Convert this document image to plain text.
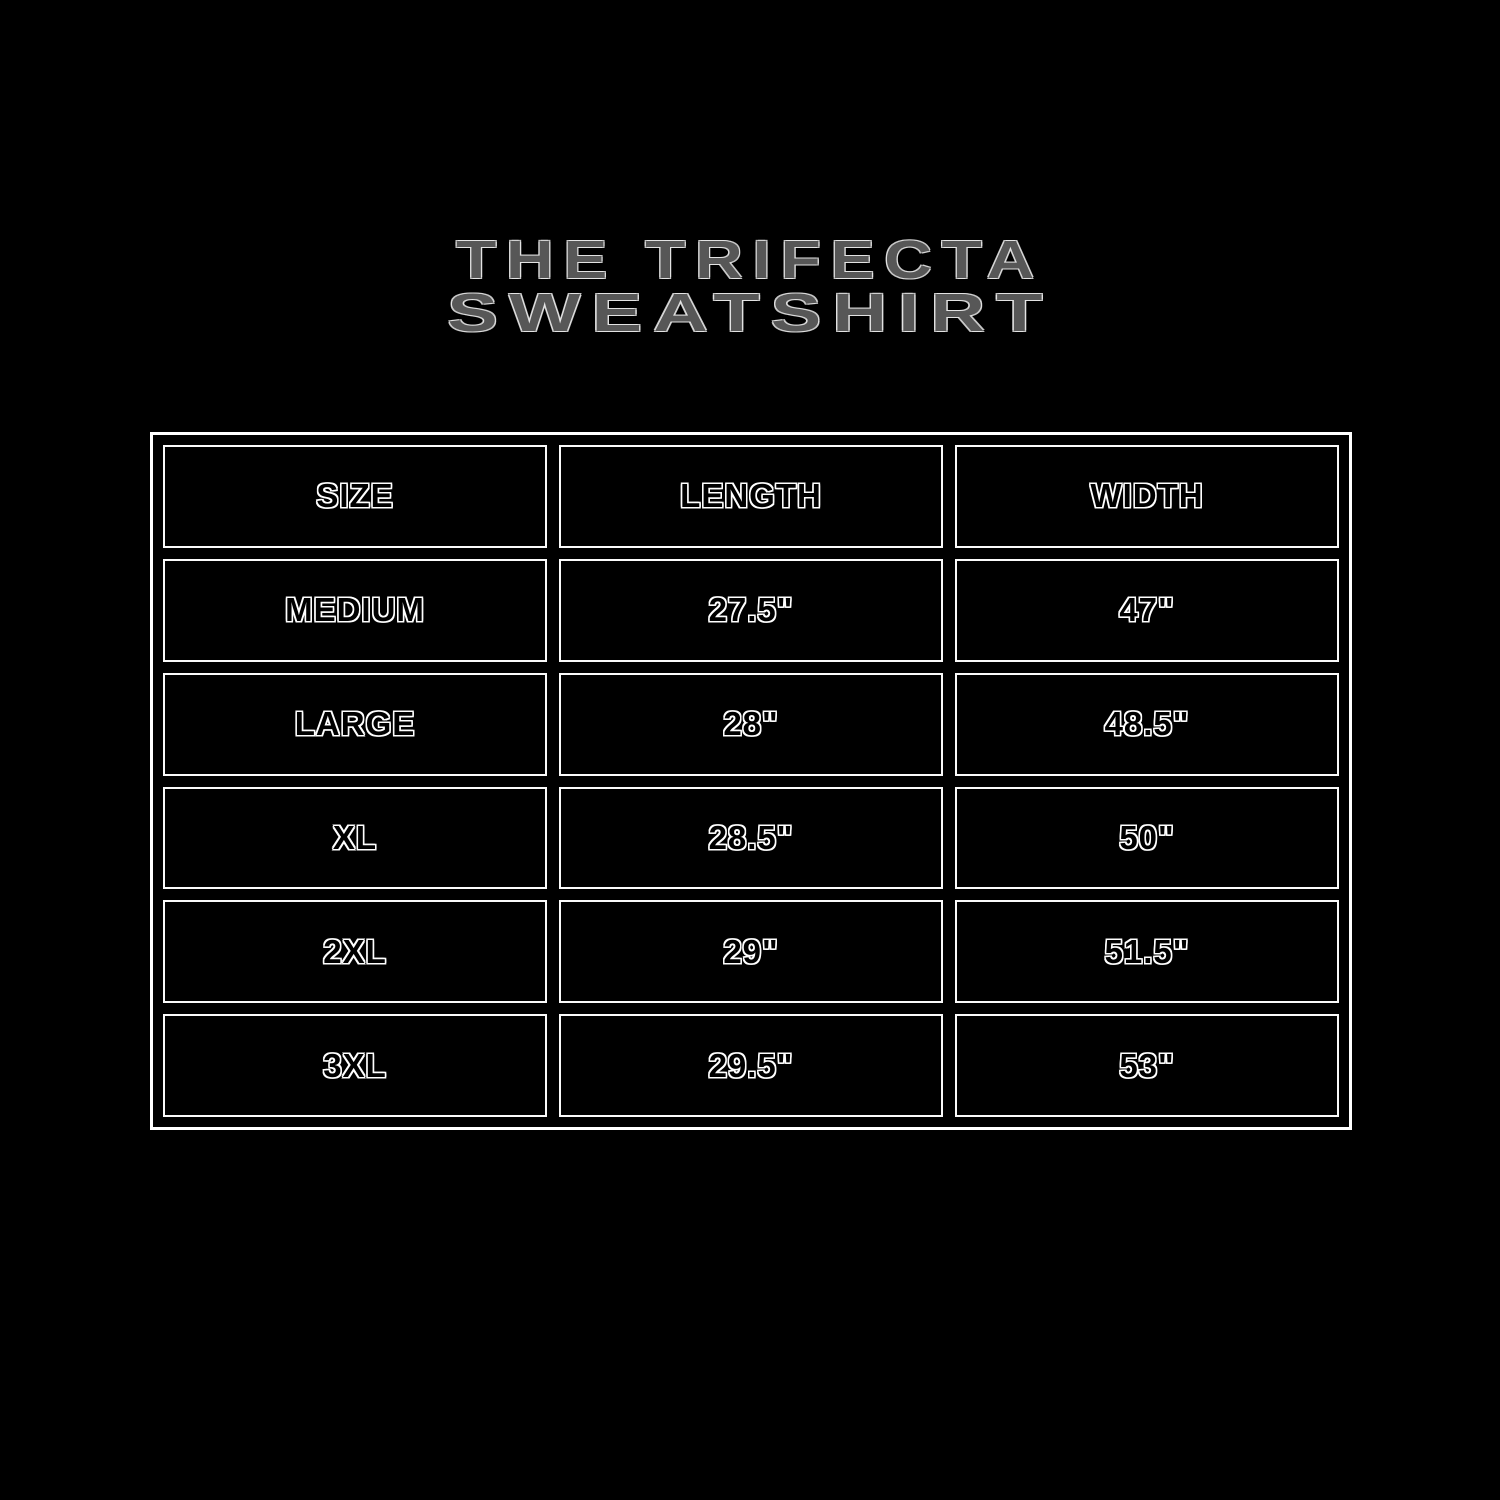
THE TRIFECTA
SWEATSHIRT
SIZE	LENGTH	WIDTH
MEDIUM	27.5"	47"
LARGE	28"	48.5"
XL	28.5"	50"
2XL	29"	51.5"
3XL	29.5"	53"
